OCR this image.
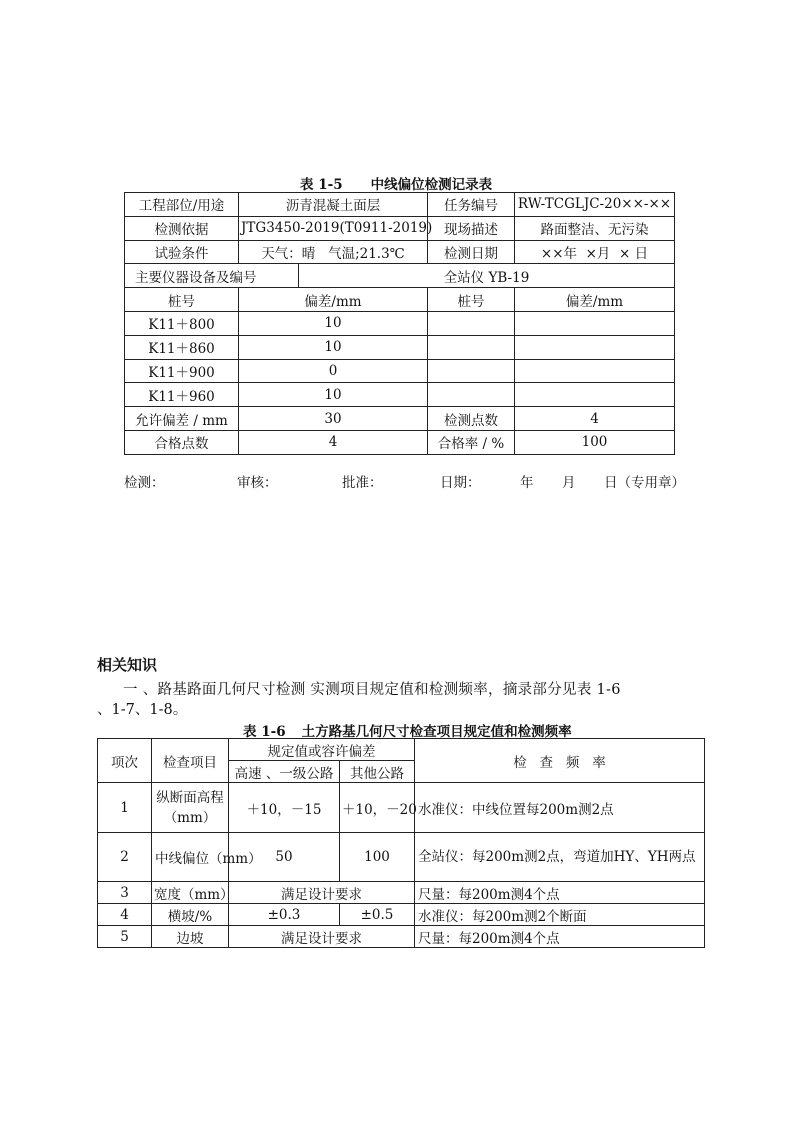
表 1-5 中线偏位检测记录表
工程部位/用途	沥青混凝土面层		任务编号	RW-TCGLJC-20××-××
检测依据	JTG3450-2019(T0911-2019)		现场描述	路面整洁、无污染
试验条件	天气：晴 气温;21.3℃		检测日期	××年  ×月  × 日
主要仪器设备及编号		全站仪 YB-19		
桩号	偏差/mm		桩号	偏差/mm
K11＋800	10			
K11＋860	10			
K11＋900	0			
K11＋960	10			
允许偏差 / mm	30		检测点数	4
合格点数	4		合格率 / %	100
检测：	审核：	批准：	日期：	年 月 日（专用章）
相关知识
一 、路基路面几何尺寸检测 实测项目规定值和检测频率，摘录部分见表 1-6
、1-7、1-8。
表 1-6 土方路基几何尺寸检查项目规定值和检测频率
项次	检查项目	规定值或容许偏差		检   查   频   率
		高速 、一级公路	其他公路	
1	纵断面高程（mm）	＋10，－15	＋10，－20	水准仪：中线位置每200m测2点
2	中线偏位（mm）	50	100	全站仪：每200m测2点，弯道加HY、YH两点
3	宽度（mm）	满足设计要求		尺量：每200m测4个点
4	横坡/%	±0.3	±0.5	水准仪：每200m测2个断面
5	边坡	满足设计要求		尺量：每200m测4个点
